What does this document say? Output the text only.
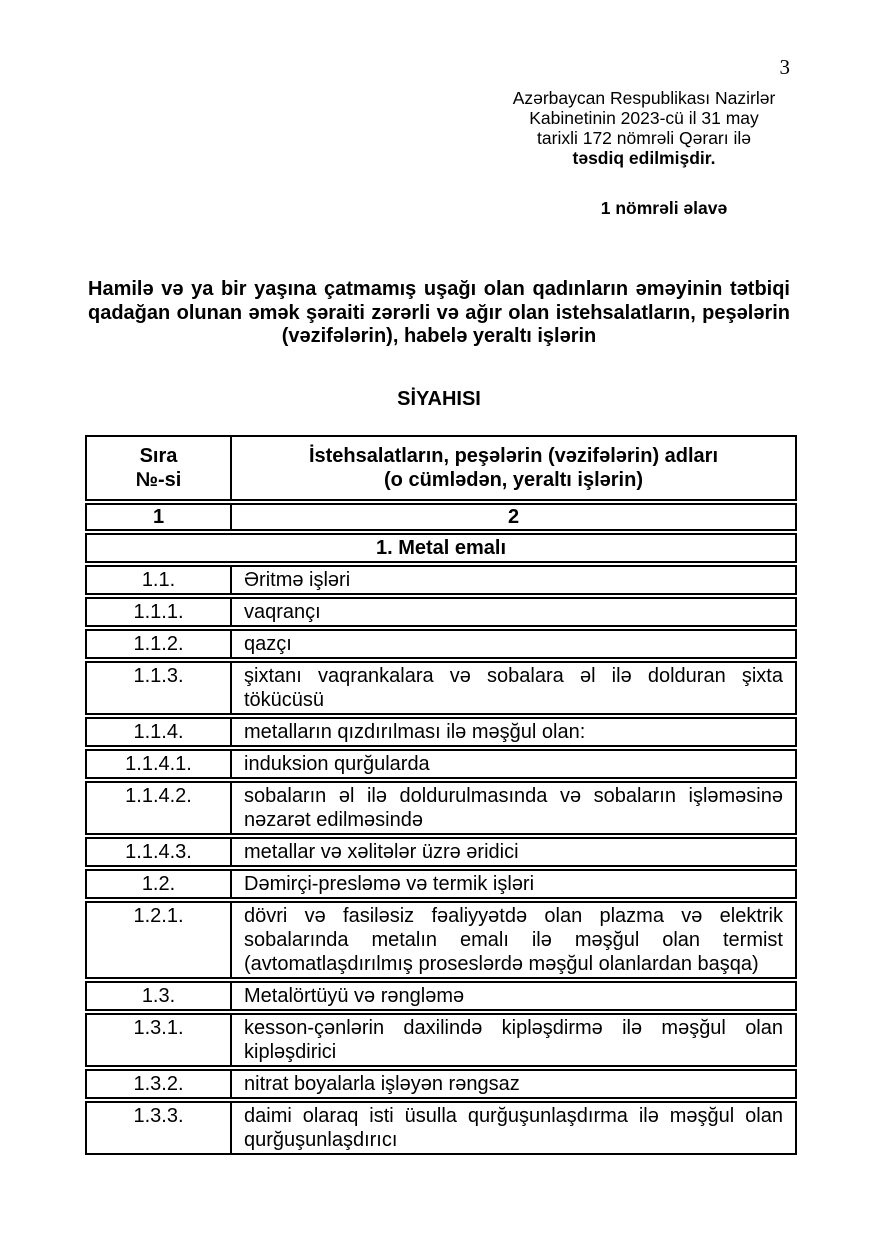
3
Azərbaycan Respublikası Nazirlər
Kabinetinin 2023-cü il 31 may
tarixli 172 nömrəli Qərarı ilə
təsdiq edilmişdir.
1 nömrəli əlavə
Hamilə və ya bir yaşına çatmamış uşağı olan qadınların əməyinin tətbiqi qadağan olunan əmək şəraiti zərərli və ağır olan istehsalatların, peşələrin (vəzifələrin), habelə yeraltı işlərin
SİYAHISI
Sıra
№-si

İstehsalatların, peşələrin (vəzifələrin) adları
(o cümlədən, yeraltı işlərin)

1	2
1. Metal emalı	
1.1.	Əritmə işləri
1.1.1.	vaqrançı
1.1.2.	qazçı
1.1.3.	şixtanı vaqrankalara və sobalara əl ilə dolduran şixta tökücüsü
1.1.4.	metalların qızdırılması ilə məşğul olan:
1.1.4.1.	induksion qurğularda
1.1.4.2.	sobaların əl ilə doldurulmasında və sobaların işləməsinə nəzarət edilməsində
1.1.4.3.	metallar və xəlitələr üzrə əridici
1.2.	Dəmirçi-presləmə və termik işləri
1.2.1.	dövri və fasiləsiz fəaliyyətdə olan plazma və elektrik sobalarında metalın emalı ilə məşğul olan termist (avtomatlaşdırılmış proseslərdə məşğul olanlardan başqa)
1.3.	Metalörtüyü və rəngləmə
1.3.1.	kesson-çənlərin daxilində kipləşdirmə ilə məşğul olan kipləşdirici
1.3.2.	nitrat boyalarla işləyən rəngsaz
1.3.3.	daimi olaraq isti üsulla qurğuşunlaşdırma ilə məşğul olan qurğuşunlaşdırıcı
